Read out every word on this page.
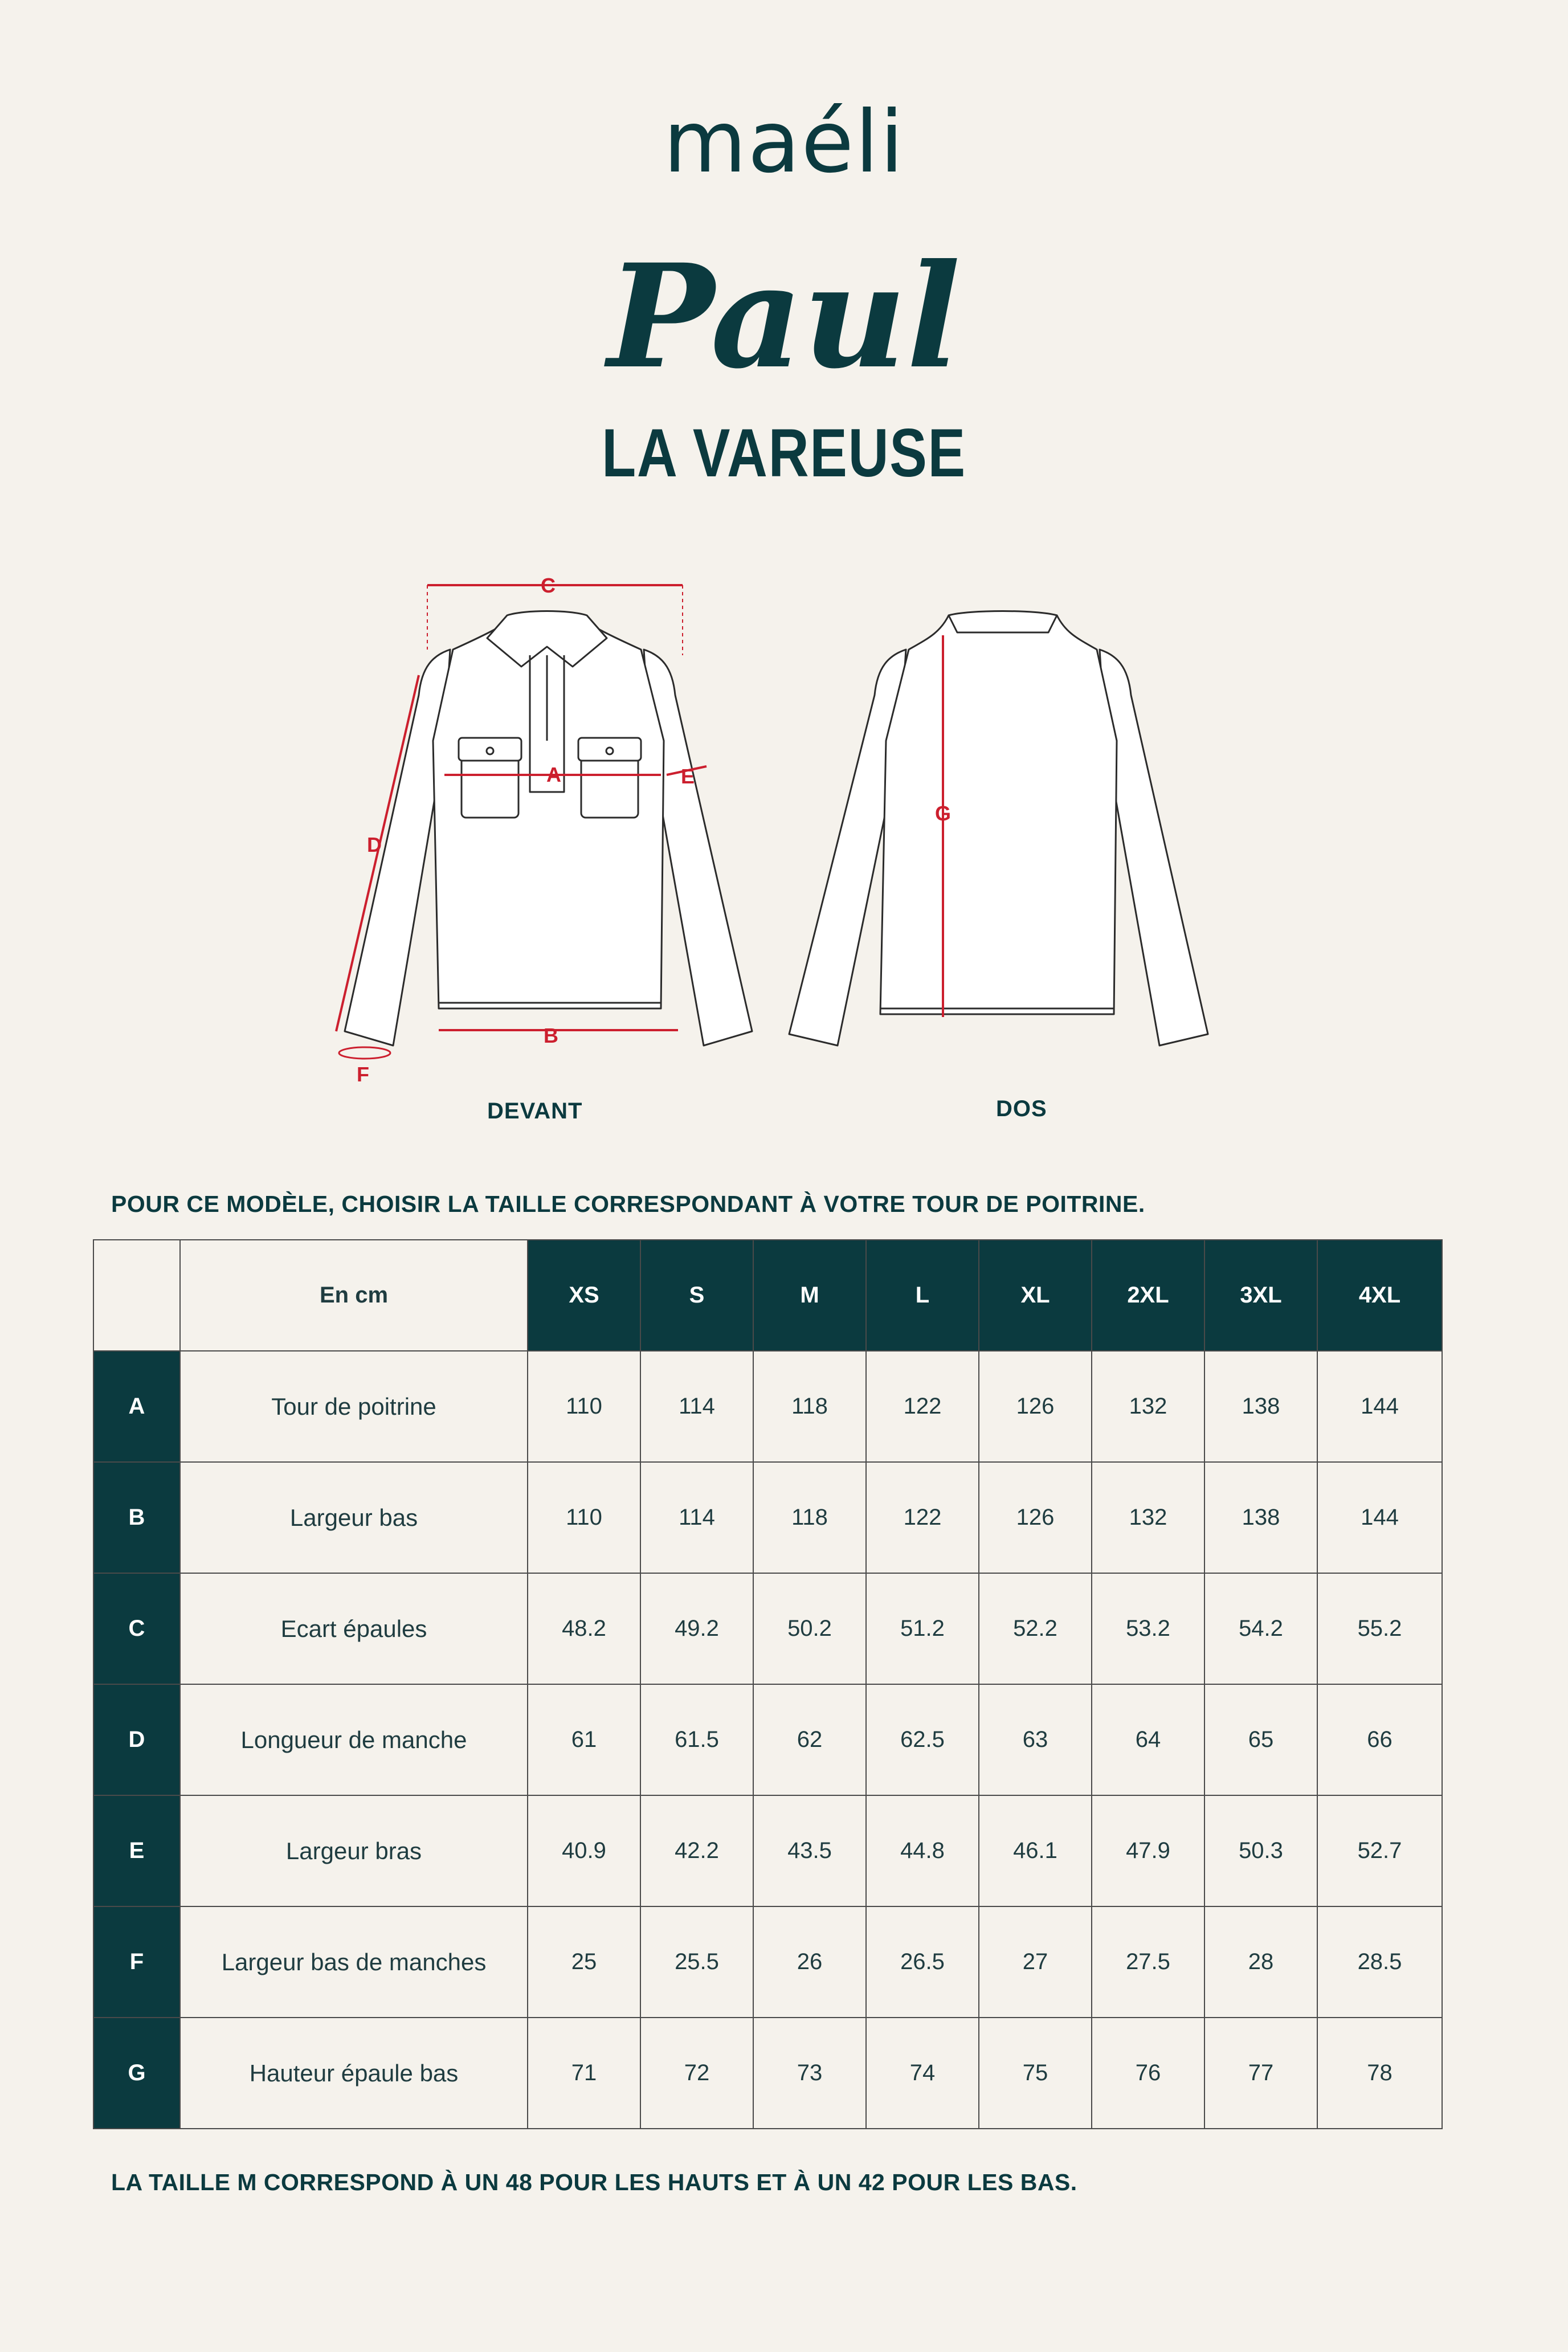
maéli
Paul
LA VAREUSE
C
A
B
D
E
F
G
DEVANT	DOS
POUR CE MODÈLE, CHOISIR LA TAILLE CORRESPONDANT À VOTRE TOUR DE POITRINE.
	En cm	XS	S	M	L	XL	2XL	3XL	4XL
A	Tour de poitrine	110	114	118	122	126	132	138	144
B	Largeur bas	110	114	118	122	126	132	138	144
C	Ecart épaules	48.2	49.2	50.2	51.2	52.2	53.2	54.2	55.2
D	Longueur de manche	61	61.5	62	62.5	63	64	65	66
E	Largeur bras	40.9	42.2	43.5	44.8	46.1	47.9	50.3	52.7
F	Largeur bas de manches	25	25.5	26	26.5	27	27.5	28	28.5
G	Hauteur épaule bas	71	72	73	74	75	76	77	78
LA TAILLE M CORRESPOND À UN 48 POUR LES HAUTS ET À UN 42 POUR LES BAS.
